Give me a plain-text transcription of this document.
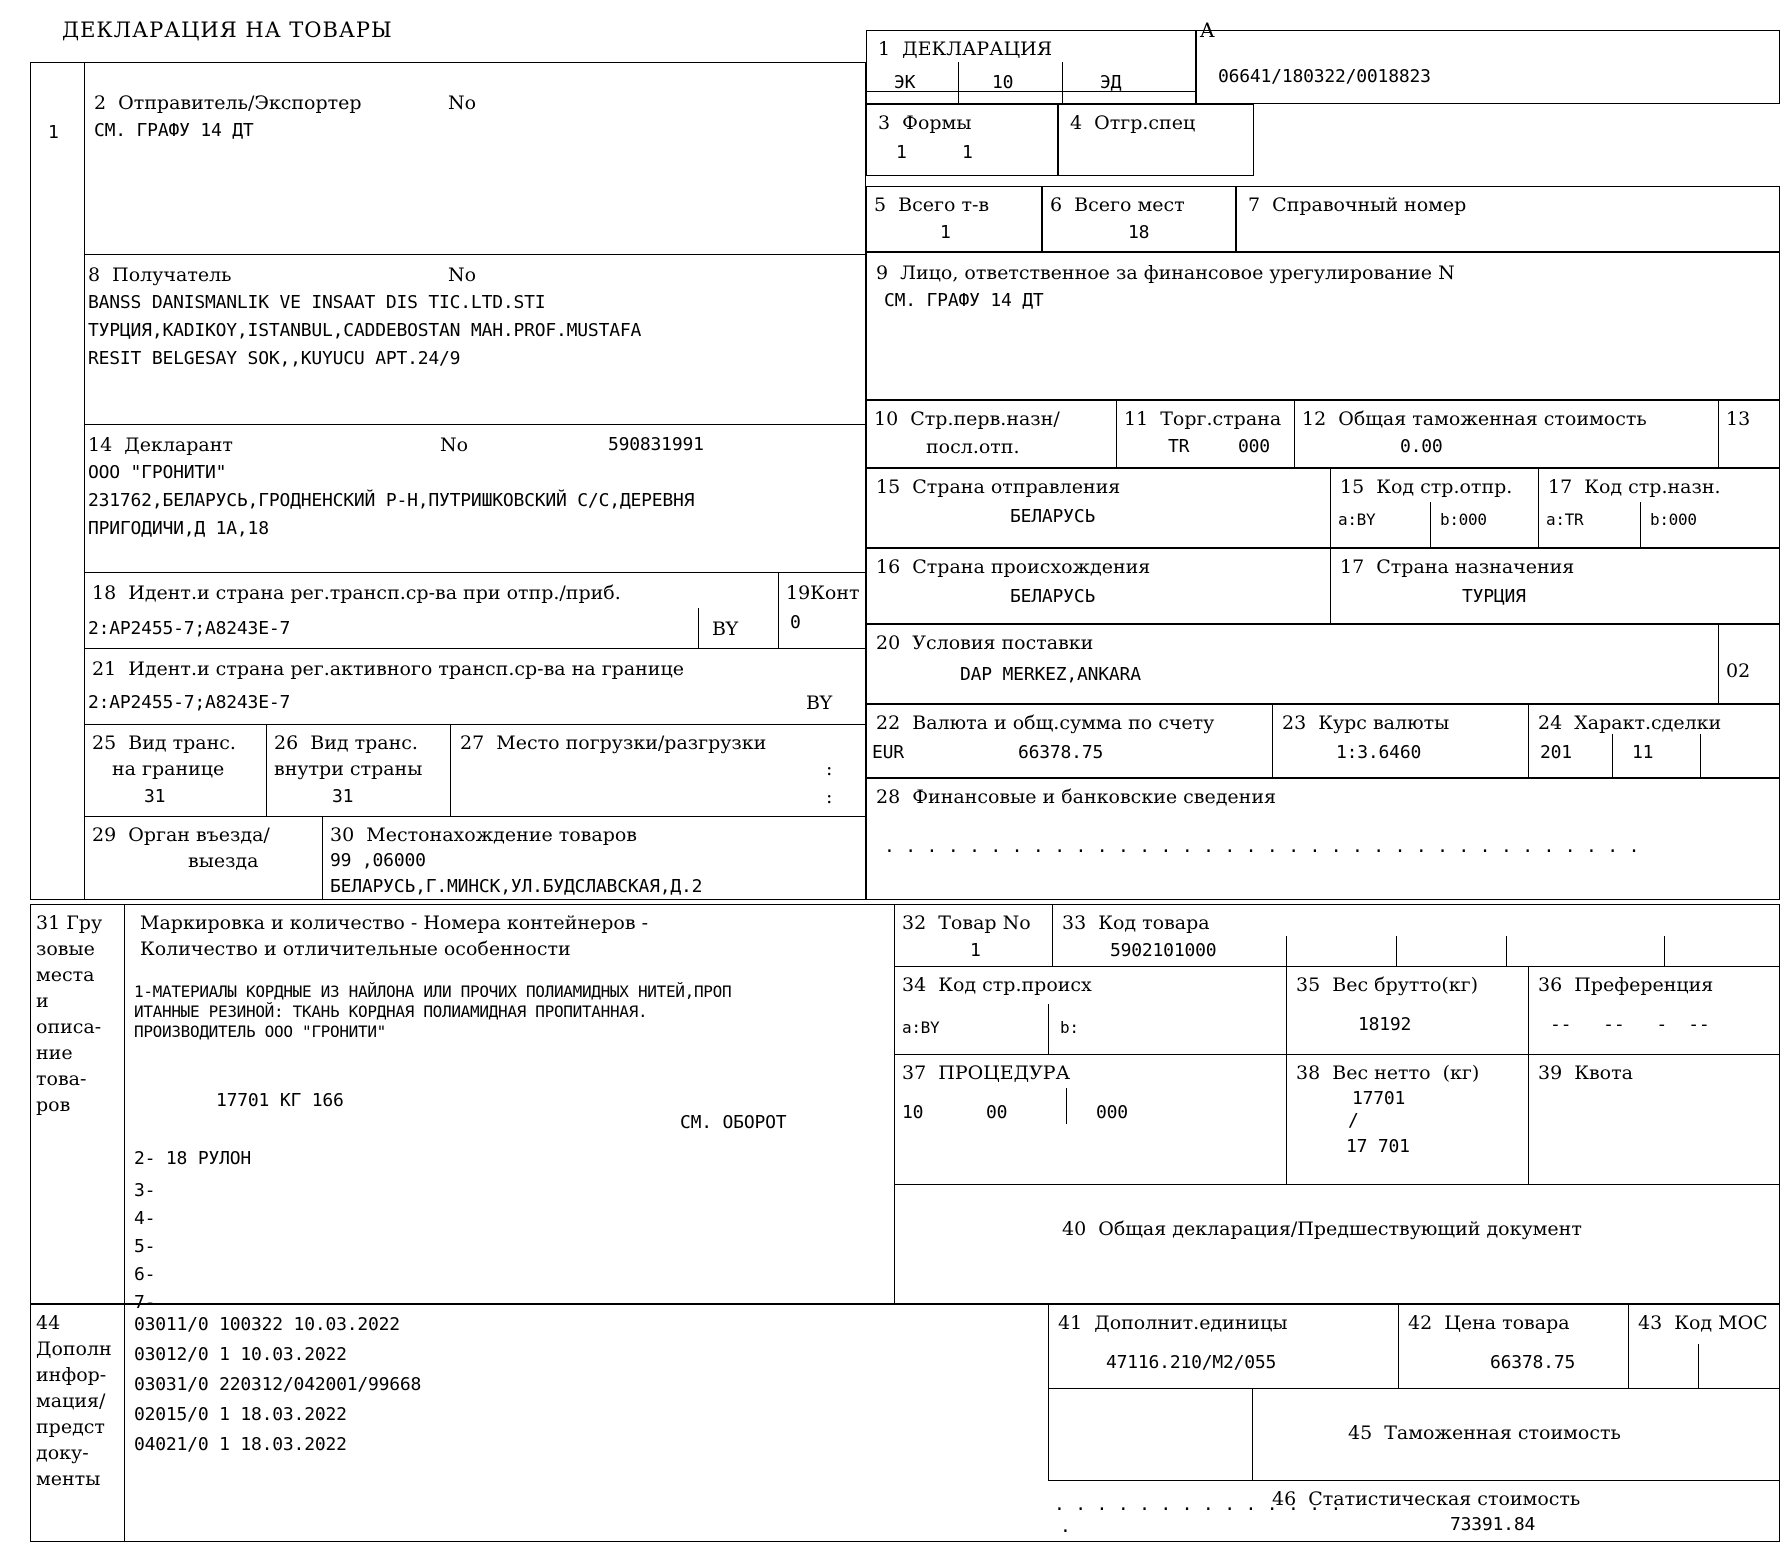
ДЕКЛАРАЦИЯ НА ТОВАРЫ	A
1  ДЕКЛАРАЦИЯ
ЭК	10	ЭД	06641/180322/0018823
3  Формы
1	1
4  Отгр.спец
5  Всего т-в
1
6  Всего мест
18
7  Справочный номер
1
2  Отправитель/Экспортер	No
СМ. ГРАФУ 14 ДТ
8  Получатель	No
BANSS DANISMANLIK VE INSAAT DIS TIC.LTD.STI
ТУРЦИЯ,KADIKOY,ISTANBUL,CADDEBOSTAN MAH.PROF.MUSTAFA
RESIT BELGESAY SOK,,KUYUCU APT.24/9
14  Декларант	No	590831991
ООО "ГРОНИТИ"
231762,БЕЛАРУСЬ,ГРОДНЕНСКИЙ Р-Н,ПУТРИШКОВСКИЙ С/С,ДЕРЕВНЯ
ПРИГОДИЧИ,Д 1А,18
18  Идент.и страна рег.трансп.ср-ва при отпр./приб.
2:AP2455-7;A8243E-7	BY
19Конт
0
21  Идент.и страна рег.активного трансп.ср-ва на границе
2:AP2455-7;A8243E-7	BY
25  Вид транс.
на границе
31
26  Вид транс.
внутри страны
31
27  Место погрузки/разгрузки
:
:
29  Орган въезда/
выезда
30  Местонахождение товаров
99 ,06000
БЕЛАРУСЬ,Г.МИНСК,УЛ.БУДСЛАВСКАЯ,Д.2
9  Лицо, ответственное за финансовое урегулирование N
СМ. ГРАФУ 14 ДТ
10  Стр.перв.назн/
посл.отп.
11  Торг.страна
TR	000
12  Общая таможенная стоимость
0.00
13
15  Страна отправления
БЕЛАРУСЬ
15  Код стр.отпр.
a:BY	b:000
17  Код стр.назн.
a:TR	b:000
16  Страна происхождения
БЕЛАРУСЬ
17  Страна назначения
ТУРЦИЯ
20  Условия поставки
DAP MERKEZ,ANKARA	02
22  Валюта и общ.сумма по счету
EUR	66378.75
23  Курс валюты
1:3.6460
24  Характ.сделки
201	11
28  Финансовые и банковские сведения
. . . . . . . . . . . . . . . . . . . . . . . . . . . . . . . . . . . .
31 Гру
зовые
места
и
описа-
ние
това-
ров
Маркировка и количество - Номера контейнеров -
Количество и отличительные особенности
1-МАТЕРИАЛЫ КОРДНЫЕ ИЗ НАЙЛОНА ИЛИ ПРОЧИХ ПОЛИАМИДНЫХ НИТЕЙ,ПРОП
ИТАННЫЕ РЕЗИНОЙ: ТКАНЬ КОРДНАЯ ПОЛИАМИДНАЯ ПРОПИТАННАЯ.
ПРОИЗВОДИТЕЛЬ ООО "ГРОНИТИ"
17701 КГ 166
СМ. ОБОРОТ
2- 18 РУЛОН
3-
4-
5-
6-
7-
32  Товар No
1
33  Код товара
5902101000
34  Код стр.происх
a:BY	b:
35  Вес брутто(кг)
18192
36  Преференция
--   --   -  --
37  ПРОЦЕДУРА
10	00	000
38  Вес нетто  (кг)
17701
/
17 701
39  Квота
40  Общая декларация/Предшествующий документ
44
Дополн
инфор-
мация/
предст
доку-
менты
03011/0 100322 10.03.2022
03012/0 1 10.03.2022
03031/0 220312/042001/99668
02015/0 1 18.03.2022
04021/0 1 18.03.2022
41  Дополнит.единицы
47116.210/M2/055
42  Цена товара
66378.75
43  Код МОС
45  Таможенная стоимость
46  Статистическая стоимость
73391.84
. . . . . . . . . . . . . .
.
